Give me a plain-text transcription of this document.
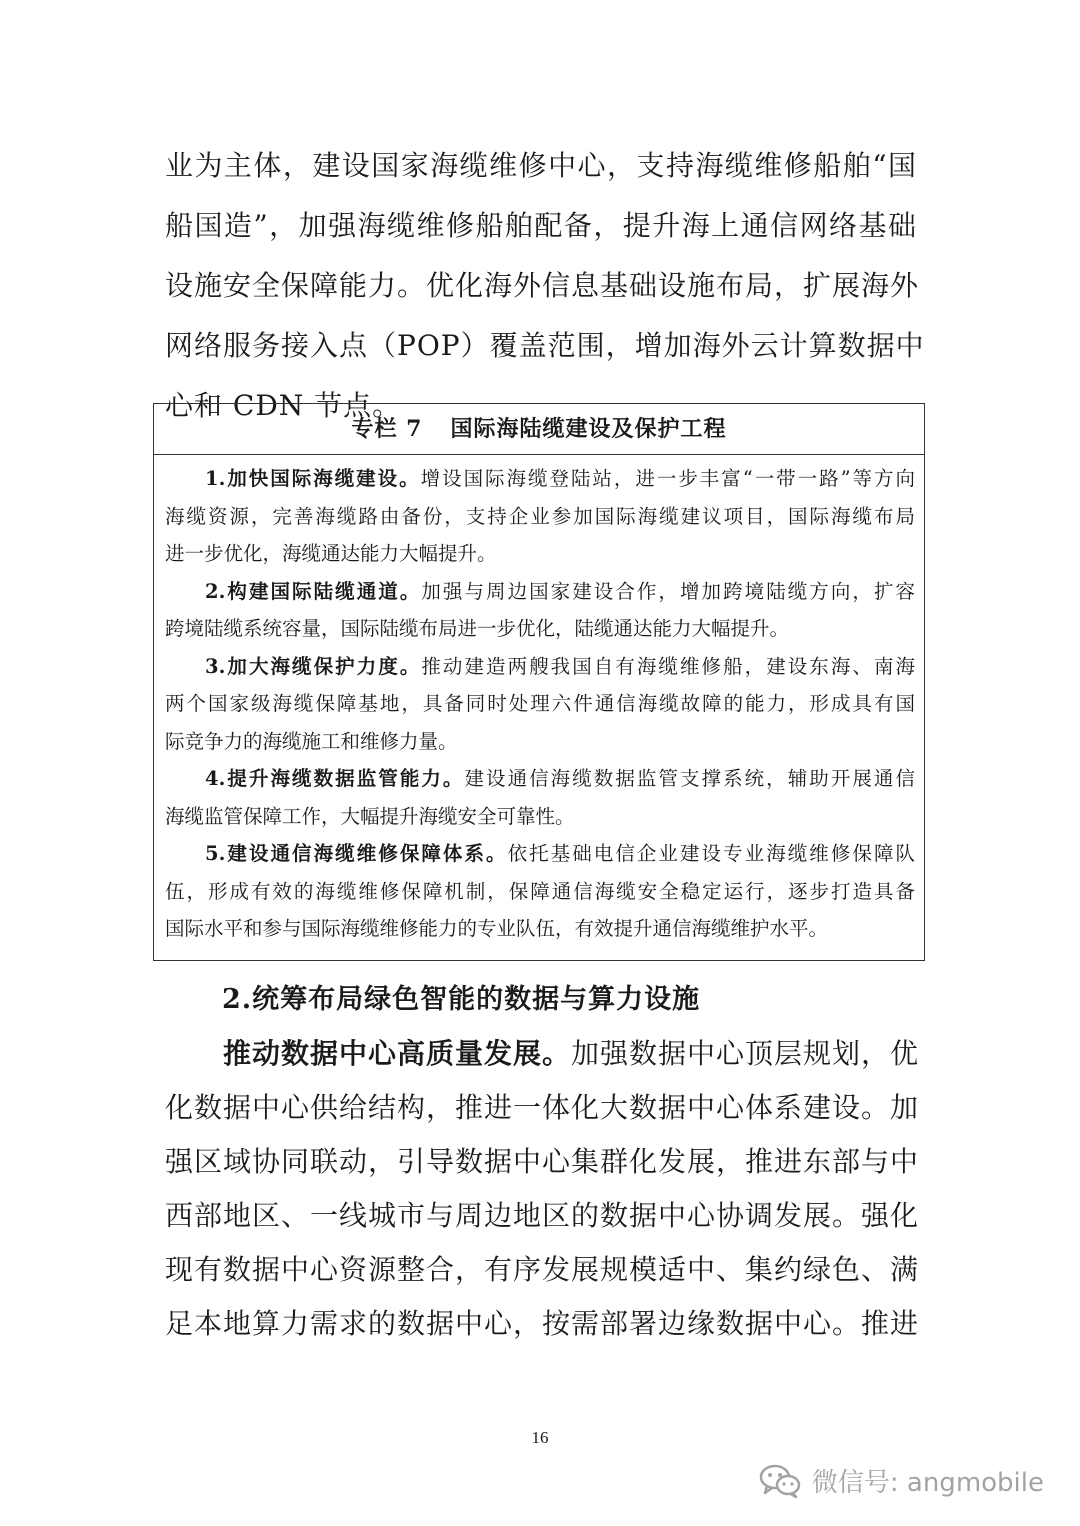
业为主体，建设国家海缆维修中心，支持海缆维修船舶“国
船国造”，加强海缆维修船舶配备，提升海上通信网络基础
设施安全保障能力。优化海外信息基础设施布局，扩展海外
网络服务接入点（POP）覆盖范围，增加海外云计算数据中
心和 CDN 节点。
专栏 7 国际海陆缆建设及保护工程
1.加快国际海缆建设。增设国际海缆登陆站，进一步丰富“一带一路”等方向
海缆资源，完善海缆路由备份，支持企业参加国际海缆建议项目，国际海缆布局
进一步优化，海缆通达能力大幅提升。
2.构建国际陆缆通道。加强与周边国家建设合作，增加跨境陆缆方向，扩容
跨境陆缆系统容量，国际陆缆布局进一步优化，陆缆通达能力大幅提升。
3.加大海缆保护力度。推动建造两艘我国自有海缆维修船，建设东海、南海
两个国家级海缆保障基地，具备同时处理六件通信海缆故障的能力，形成具有国
际竞争力的海缆施工和维修力量。
4.提升海缆数据监管能力。建设通信海缆数据监管支撑系统，辅助开展通信
海缆监管保障工作，大幅提升海缆安全可靠性。
5.建设通信海缆维修保障体系。依托基础电信企业建设专业海缆维修保障队
伍，形成有效的海缆维修保障机制，保障通信海缆安全稳定运行，逐步打造具备
国际水平和参与国际海缆维修能力的专业队伍，有效提升通信海缆维护水平。
2.统筹布局绿色智能的数据与算力设施
推动数据中心高质量发展。加强数据中心顶层规划，优
化数据中心供给结构，推进一体化大数据中心体系建设。加
强区域协同联动，引导数据中心集群化发展，推进东部与中
西部地区、一线城市与周边地区的数据中心协调发展。强化
现有数据中心资源整合，有序发展规模适中、集约绿色、满
足本地算力需求的数据中心，按需部署边缘数据中心。推进
16
微信号: angmobile
